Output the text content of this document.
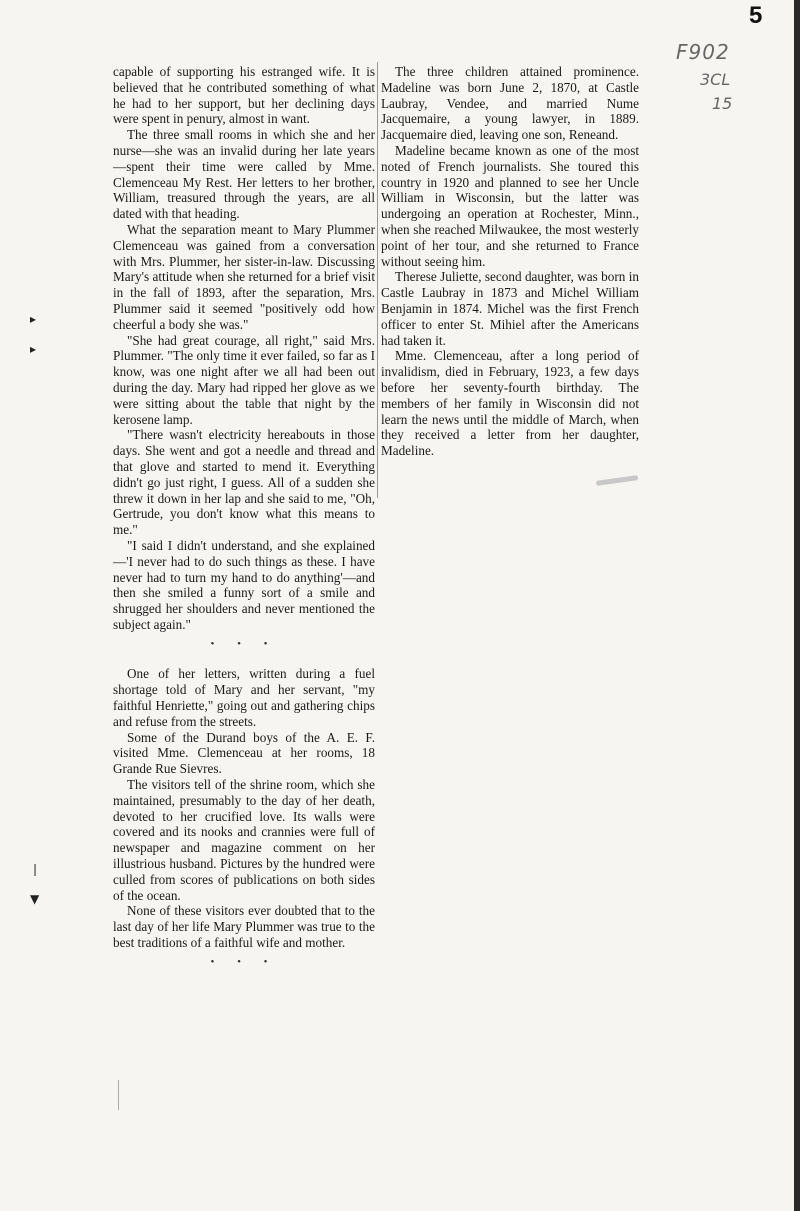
5
F902
3CL
15
▸
▸
❘
▼

capable of supporting his estranged wife. It is believed that he contributed something of what he had to her support, but her declining days were spent in penury, almost in want.

The three small rooms in which she and her nurse—she was an invalid during her late years—spent their time were called by Mme. Clemenceau My Rest. Her letters to her brother, William, treasured through the years, are all dated with that heading.

What the separation meant to Mary Plummer Clemenceau was gained from a conversation with Mrs. Plummer, her sister-in-law. Discussing Mary's attitude when she returned for a brief visit in the fall of 1893, after the separation, Mrs. Plummer said it seemed "positively odd how cheerful a body she was."

"She had great courage, all right," said Mrs. Plummer. "The only time it ever failed, so far as I know, was one night after we all had been out during the day. Mary had ripped her glove as we were sitting about the table that night by the kerosene lamp.

"There wasn't electricity hereabouts in those days. She went and got a needle and thread and that glove and started to mend it. Everything didn't go just right, I guess. All of a sudden she threw it down in her lap and she said to me, "Oh, Gertrude, you don't know what this means to me."

"I said I didn't understand, and she explained—'I never had to do such things as these. I have never had to turn my hand to do anything'—and then she smiled a funny sort of a smile and shrugged her shoulders and never mentioned the subject again."

• • •

One of her letters, written during a fuel shortage told of Mary and her servant, "my faithful Henriette," going out and gathering chips and refuse from the streets.

Some of the Durand boys of the A. E. F. visited Mme. Clemenceau at her rooms, 18 Grande Rue Sievres.

The visitors tell of the shrine room, which she maintained, presumably to the day of her death, devoted to her crucified love. Its walls were covered and its nooks and crannies were full of newspaper and magazine comment on her illustrious husband. Pictures by the hundred were culled from scores of publications on both sides of the ocean.

None of these visitors ever doubted that to the last day of her life Mary Plummer was true to the best traditions of a faithful wife and mother.

• • •

The three children attained prominence. Madeline was born June 2, 1870, at Castle Laubray, Vendee, and married Nume Jacquemaire, a young lawyer, in 1889. Jacquemaire died, leaving one son, Reneand.

Madeline became known as one of the most noted of French journalists. She toured this country in 1920 and planned to see her Uncle William in Wisconsin, but the latter was undergoing an operation at Rochester, Minn., when she reached Milwaukee, the most westerly point of her tour, and she returned to France without seeing him.

Therese Juliette, second daughter, was born in Castle Laubray in 1873 and Michel William Benjamin in 1874. Michel was the first French officer to enter St. Mihiel after the Americans had taken it.

Mme. Clemenceau, after a long period of invalidism, died in February, 1923, a few days before her seventy-fourth birthday. The members of her family in Wisconsin did not learn the news until the middle of March, when they received a letter from her daughter, Madeline.
